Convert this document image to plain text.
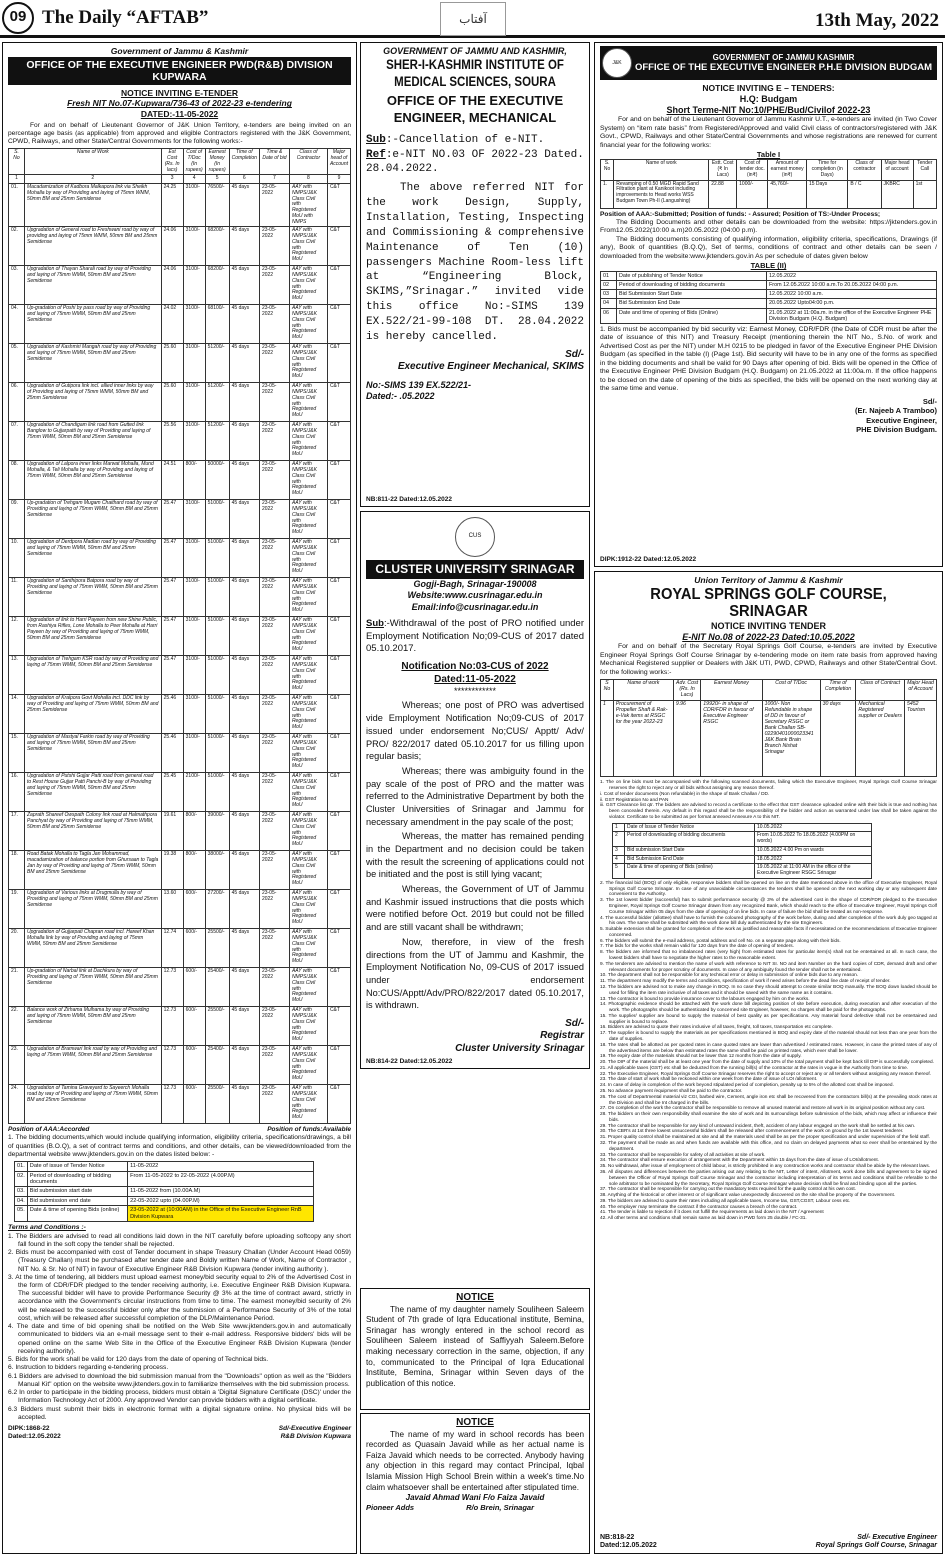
09 The Daily “AFTAB”	آفتاب	13th May, 2022
Government of Jammu & Kashmir
OFFICE OF THE EXECUTIVE ENGINEER PWD(R&B) DIVISION KUPWARA
NOTICE INVITING E-TENDER
Fresh NIT No.07-Kupwara/736-43 of 2022-23 e-tendering
DATED:-11-05-2022
For and on behalf of Lieutenant Governor of J&K Union Territory, e-tenders are being invited on an percentage age basis (as applicable) from approved and eligible Contractors registered with the J&K Government, CPWD, Railways, and other State/Central Governments for the following works:-
S. No	Name of Work	Est Cost (Rs. In lacs)	Cost of T/Doc (In rupees)	Earnest Money (In rupees)	Time of Completion	Time & Date of bid	Class of Contractor	Major head of Account
1	2	3	4	5	6	7	8	9
01.	Macadamization of Kadbora Malkapora link via Sheikh Mohalla by way of Providing and laying of 75mm WMM, 50mm BM and 25mm Semidense	24.25	3100/-	76500/-	45 days	23-05-2022	AAY with NMPS/J&K Class Civil with Registered MoU with NMPS	C&T
02.	Upgradation of General road to Freshwani road by way of providing and laying of 75mm WMM, 50mm BM and 25mm Semidense	24.06	3100/-	68200/-	45 days	23-05-2022	AAY with NMPS/J&K Class Civil with Registered MoU	C&T
03.	Upgradation of Thayan Sharali road by way of Providing and laying of 75mm WMM, 50mm BM and 25mm Semidense	24.06	3100/-	68200/-	45 days	23-05-2022	AAY with NMPS/J&K Class Civil with Registered MoU	C&T
04.	Up-gradation of Poshi by pass road by way of Providing and laying of 75mm WMM, 50mm BM and 25mm Semidense	24.02	3100/-	68100/-	45 days	23-05-2022	AAY with NMPS/J&K Class Civil with Registered MoU	C&T
05.	Upgradation of Kashmiri Mangah road by way of Providing and laying of 75mm WMM, 50mm BM and 25mm Semidense	25.60	3100/-	51200/-	45 days	23-05-2022	AAY with NMPS/J&K Class Civil with Registered MoU	C&T
06.	Upgradation of Gutipora link incl. allied inner links by way of Providing and laying of 75mm WMM, 50mm BM and 25mm Semidense	25.60	3100/-	51200/-	45 days	23-05-2022	AAY with NMPS/J&K Class Civil with Registered MoU	C&T
07.	Upgradation of Chandigam link road from Gutted link Banglow to Gujjarpatti by way of Providing and laying of 75mm WMM, 50mm BM and 25mm Semidense	25.56	3100/-	51200/-	45 days	23-05-2022	AAY with NMPS/J&K Class Civil with Registered MoU	C&T
08.	Upgradation of Lalpora inner links Marwat Mohalla, Mund Mohalla, & Teli Mohalla by way of Providing and laying of 75mm WMM, 50mm BM and 25mm Semidense	24.51	800/-	50000/-	45 days	23-05-2022	AAY with NMPS/J&K Class Civil with Registered MoU	C&T
09.	Up-gradation of Trehgam Mugam Chaithard road by way of Providing and laying of 75mm WMM, 50mm BM and 25mm Semidense	25.47	3100/-	51000/-	45 days	23-05-2022	AAY with NMPS/J&K Class Civil with Registered MoU	C&T
10.	Upgradation of Derdpora Madian road by way of Providing and laying of 75mm WMM, 50mm BM and 25mm Semidense	25.47	3100/-	51000/-	45 days	23-05-2022	AAY with NMPS/J&K Class Civil with Registered MoU	C&T
11.	Upgradation of Santhipora Batpora road by way of Providing and laying of 75mm WMM, 50mm BM and 25mm Semidense	25.47	3100/-	51000/-	45 days	23-05-2022	AAY with NMPS/J&K Class Civil with Registered MoU	C&T
12.	Upgradation of link to Harri Payeen from new Shine Public, from Rashiya Rifles, Lone Mohalla to Peer Mohalla at Harri Payeen by way of Providing and laying of 75mm WMM, 50mm BM and 25mm Semidense	25.47	3100/-	51000/-	45 days	23-05-2022	AAY with NMPS/J&K Class Civil with Registered MoU	C&T
13.	Upgradation of Trehgam KSR road by way of Providing and laying of 75mm WMM, 50mm BM and 25mm Semidense	25.47	3100/-	51000/-	45 days	23-05-2022	AAY with NMPS/J&K Class Civil with Registered MoU	C&T
14.	Upgradation of Kralpora Govt Mohalla incl. DDC link by way of Providing and laying of 75mm WMM, 50mm BM and 25mm Semidense	25.46	3100/-	51000/-	45 days	23-05-2022	AAY with NMPS/J&K Class Civil with Registered MoU	C&T
15.	Upgradation of Mastyal Farkin road by way of Providing and laying of 75mm WMM, 50mm BM and 25mm Semidense	25.46	3100/-	51000/-	45 days	23-05-2022	AAY with NMPS/J&K Class Civil with Registered MoU	C&T
16.	Upgradation of Putshi Gujjar Patti road from general road to Rest House Gujjar Patti Panchi-B by way of Providing and laying of 75mm WMM, 50mm BM and 25mm Semidense	25.45	2100/-	51000/-	45 days	23-05-2022	AAY with NMPS/J&K Class Civil with Registered MoU	C&T
17.	Zaprath Shareef Owspath Colony link road at Halmathpora Panchyat by way of Providing and laying of 75mm WMM, 50mm BM and 25mm Semidense	19.61	800/-	39000/-	45 days	23-05-2022	AAY with NMPS/J&K Class Civil with Registered MoU	C&T
18.	Road Batak Mohalla to Tagla Jan Mohammad, macadamization of balance portion from Ghursaan to Tagla Jan by way of Providing and laying of 75mm WMM, 50mm BM and 25mm Semidense	19.38	800/-	38000/-	45 days	23-05-2022	AAY with NMPS/J&K Class Civil with Registered MoU	C&T
19.	Upgradation of Various links at Drugmulla by way of Providing and laying of 75mm WMM, 50mm BM and 25mm Semidense	13.60	600/-	27200/-	45 days	23-05-2022	AAY with NMPS/J&K Class Civil with Registered MoU	C&T
20.	Upgradation of Gujjarpati Chapran road incl. Hareef Khan Mohalla link by way of Providing and laying of 75mm WMM, 50mm BM and 25mm Semidense	12.74	600/-	25500/-	45 days	23-05-2022	AAY with NMPS/J&K Class Civil with Registered MoU	C&T
21.	Up-gradation of Narbal link at Dachkura by way of Providing and laying of 75mm WMM, 50mm BM and 25mm Semidense	12.73	600/-	25400/-	45 days	23-05-2022	AAY with NMPS/J&K Class Civil with Registered MoU	C&T
22.	Balance work of Zirhama Mulhama by way of Providing and laying of 75mm WMM, 50mm BM and 25mm Semidense	12.73	600/-	25500/-	45 days	23-05-2022	AAY with NMPS/J&K Class Civil with Registered MoU	C&T
23.	Upgradation of Bramwari link road by way of Providing and laying of 75mm WMM, 50mm BM and 25mm Semidense	12.73	600/-	25400/-	45 days	23-05-2022	AAY with NMPS/J&K Class Civil with Registered MoU	C&T
24.	Upgradation of Tamina Graveyard to Sayeerch Mohalla road by way of Providing and laying of 75mm WMM, 50mm BM and 25mm Semidense	12.73	600/-	25500/-	45 days	23-05-2022	AAY with NMPS/J&K Class Civil with Registered MoU	C&T
Position of AAA:Accorded	Position of funds:Available
1. The bidding documents,which would include qualifying information, eligibility criteria, specifications/drawings, a bill of quantities (B.O.Q), a set of contract terms and conditions, and other details, can be viewed/downloaded from the departmental website www.jktenders.gov.in on the dates listed below: -
01.	Date of issue of Tender Notice	11-05-2022
02.	Period of downloading of bidding documents	From 11-05-2022 to 22-05-2022 (4.00P.M)
03.	Bid submission start date	11-05-2022 from (10.00A.M)
04.	Bid submission end date	22-05-2022 upto (04.00P.M)
05.	Date & time of opening Bids (online)	23-05-2022 at (10:00AM) in the Office of the Executive Engineer RnB Division Kupwara
Terms and Conditions :-
1. The Bidders are advised to read all conditions laid down in the NIT carefully before uploading softcopy any short fall found in the soft copy the tender shall be rejected.
2. Bids must be accompanied with cost of Tender document in shape Treasury Challan (Under Account Head 0059) (Treasury Challan) must be purchased after tender date and Boldly written Name of Work, Name of Contractor , NIT No. & Sr. No of NIT) in favour of Executive Engineer R&B Division Kupwara (tender inviting authority ).
3. At the time of tendering, all bidders must upload earnest money/bid security equal to 2% of the Advertised Cost in the form of CDR/FDR pledged to the tender receiving authority, i.e. Executive Engineer R&B Division Kupwara. The successful bidder will have to provide Performance Security @ 3% at the time of contract award, strictly in accordance with the Government's circular instructions from time to time. The earnest money/bid security of 2% will be released to the successful bidder only after the submission of a Performance Security of 3% of the total cost, which will be released after successful completion of the DLP/Maintenance Period.
4. The date and time of bid opening shall be notified on the Web Site www.jktenders.gov.in and automatically communicated to bidders via an e-mail message sent to their e-mail address. Responsive bidders' bids will be opened online on the same Web Site in the Office of the Executive Engineer R&B Division Kupwara (tender receiving authority).
5. Bids for the work shall be valid for 120 days from the date of opening of Technical bids.
6. Instruction to bidders regarding e-tendering process.
6.1 Bidders are advised to download the bid submission manual from the "Downloads" option as well as the "Bidders Manual Kit" option on the website www.jktenders.gov.in to familiarize themselves with the bid submission process.
6.2 In order to participate in the bidding process, bidders must obtain a 'Digital Signature Certificate (DSC)' under the Information Technology Act of 2000. Any approved Vendor can provide bidders with a digital certificate.
6.3 Bidders must submit their bids in electronic format with a digital signature online. No physical bids will be accepted.
DIPK:1868-22
Dated:12.05.2022
Sd/-Executive Engineer
R&B Division Kupwara
GOVERNMENT OF JAMMU AND KASHMIR,
SHER-I-KASHMIR INSTITUTE OF MEDICAL SCIENCES, SOURA
OFFICE OF THE EXECUTIVE ENGINEER, MECHANICAL
Sub:-Cancellation of e-NIT.
Ref:e-NIT NO.03 OF 2022-23 Dated. 28.04.2022.
The above referred NIT for the work Design, Supply, Installation, Testing, Inspecting and Commissioning & comprehensive Maintenance of Ten (10) passengers Machine Room-less lift at “Engineering Block, SKIMS,”Srinagar.” invited vide this office No:-SIMS 139 EX.522/21-99-108 DT. 28.04.2022 is hereby cancelled.
Sd/-
Executive Engineer Mechanical, SKIMS
No:-SIMS 139 EX.522/21-
Dated:- .05.2022
NB:811-22 Dated:12.05.2022
CUS
CLUSTER UNIVERSITY SRINAGAR
Gogji-Bagh, Srinagar-190008
Website:www.cusrinagar.edu.in
Email:info@cusrinagar.edu.in
Sub:-Withdrawal of the post of PRO notified under Employment Notification No;09-CUS of 2017 dated 05.10.2017.
Notification No:03-CUS of 2022
Dated:11-05-2022
************
Whereas; one post of PRO was advertised vide Employment Notification No;09-CUS of 2017 issued under endorsement No;CUS/ Apptt/ Adv/ PRO/ 822/2017 dated 05.10.2017 for us filling upon regular basis;
Whereas; there was ambiguity found in the pay scale of the post of PRO and the matter was referred to the Administrative Department by both the Cluster Universities of Srinagar and Jammu for necessary amendment in the pay scale of the post;
Whereas, the matter has remained pending in the Department and no decision could be taken with the result the screening of applications could not be initiated and the post is still lying vacant;
Whereas, the Government of UT of Jammu and Kashmir issued instructions that die posts which were notified before Oct. 2019 but could not be filled and are still vacant shall be withdrawn;
Now, therefore, in view of the fresh directions from the UT of Jammu and Kashmir, the Employment Notification No, 09-CUS of 2017 issued under endorsement No:CUS/Apptt/Adv/PRO/822/2017 dated 05.10.2017, is withdrawn.
Sd/-
Registrar
Cluster University Srinagar
NB:814-22 Dated:12.05.2022
NOTICE
The name of my daughter namely Souliheen Saleem Student of 7th grade of Iqra Educational institute, Bemina, Srinagar has wrongly entered in the school record as Souliheen Saleem instead of Saffiyyah Saleem.Before making necessary correction in the same, objection, if any to, communicated to the Principal of Iqra Educational Institute, Bemina, Srinagar within Seven days of the publication of this notice.
NOTICE
The name of my ward in school records has been recorded as Quasain Javaid while as her actual name is Faiza Javaid which needs to be corrected. Anybody having any objection in this regard may contact Principal, Iqbal Islamia Mission High School Brein within a week's time.No claim whatsoever shall be entertained after stipulated time.
Javaid Ahmad Wani F/o Faiza Javaid
Pioneer Adds	R/o Brein, Srinagar
J&K
GOVERNMENT OF JAMMU KASHMIR
OFFICE OF THE EXECUTIVE ENGINEER P.H.E DIVISION BUDGAM
NOTICE INVITING E – TENDERS:
H.Q: Budgam
Short Terme-NIT No:10/PHE/Bud/Civilof 2022-23
For and on behalf of the Lieutenant Governor of Jammu Kashmir U.T., e-tenders are invited (in Two Cover System) on “item rate basis” from Registered/Approved and valid Civil class of contractors/registered with J&K Govt., CPWD, Railways and other State/Central Governments and whose registrations are renewed for current financial year for the following works:
Table I
S. No	Name of work	Estt. Cost (₹ In Lacs)	Cost of tender doc. (in₹)	Amount of earnest money (in₹)	Time for completion (in Days)	Class of contractor	Major head of account	Tender Call
1.	Revamping of 0.50 MGD Rapid Sand Filtration plant at Kanikoot including improvements to Head works WSS Budgam Town Ph-II (Langushing)	22.88	1000/-	45,760/-	15 Days	B / C	JKBRC	1st
Position of AAA:-Submitted; Position of funds: - Assured; Position of TS:-Under Process;
The Bidding Documents and other details can be downloaded from the website: https://jktenders.gov.in From12.05.2022(10:00 a.m)20.05.2022 (04:00 p.m).
The Bidding documents consisting of qualifying information, eligibility criteria, specifications, Drawings (if any), Book of quantities (B.Q.Q), Set of terms, conditions of contract and other details can be seen / downloaded from the website:www.jktenders.gov.in As per schedule of dates given below
TABLE (II)
01	Date of publishing of Tender Notice	12.05.2022
02	Period of downloading of bidding documents	From 12.05.2022 10:00 a.m.To 20.05.2022 04:00 p.m.
03	Bid Submission Start Date	12.05.2022 10:00 a.m.
04	Bid Submission End Date	20.05.2022 Upto04:00 p.m.
06	Date and time of opening of Bids (Online)	21.05.2022 at 11:00a.m. in the office of the Executive Engineer PHE Division Budgam (H.Q. Budgam)
1. Bids must be accompanied by bid security viz: Earnest Money, CDR/FDR (the Date of CDR must be after the date of issuance of this NIT) and Treasury Receipt (mentioning therein the NIT No., S.No. of work and Advertised Cost as per the NIT) under M.H 0215 to be pledged in favor of the Executive Engineer PHE Division Budgam (as specified in the table (I) (Page 1st). Bid security will have to be in any one of the forms as specified in the bidding documents and shall be valid for 90 Days after opening of bid. Bids will be opened in the Office of the Executive Engineer PHE Division Budgam (H.Q. Budgam) on 21.05.2022 at 11:00a.m. If the office happens to be closed on the date of opening of the bids as specified, the bids will be opened on the next working day at the same time and venue.
Sd/-
(Er. Najeeb A Tramboo)
Executive Engineer,
PHE Division Budgam.
DIPK:1912-22 Dated:12.05.2022
Union Territory of Jammu & Kashmir
ROYAL SPRINGS GOLF COURSE, SRINAGAR
NOTICE INVITING TENDER
E-NIT No.08 of 2022-23 Dated:10.05.2022
For and on behalf of the Secretary Royal Springs Golf Course, e-tenders are invited by Executive Engineer Royal Springs Golf Course Srinagar by e-tendering mode on item rate basis from approved having Mechanical Registered supplier or Dealers with J&K UTI, PWD, CPWD, Railways and other State/Central Govt. for the following works:-
S No	Name of work	Adv. Cost (Rs. In Lacs)	Earnest Money	Cost of T/Doc	Time of Completion	Class of Contract	Major Head of Account
1	Procurement of Propeller Shaft & Rak-e-Vak items at RSGC for the year 2022-23	9.96	19920/- in shape of CDR/FDR in favour of Executive Engineer RSGC	1000/- Non Refundable in shape of DD in favour of Secretary RSGC or Bank Challan SB-02290401000023341 J&K Bank Brain Branch Nishat Srinagar	30 days	Mechanical Registered supplier or Dealers	5452 Tourism
1. The on line bids must be accompanied with the following scanned documents, failing which the Executive Engineer, Royal Springs Golf Course Srinagar reserves the right to reject any or all bids without assigning any reason thereof.
i. Cost of tender documents (Non refundable) in the shape of Bank Challan / DD.
ii. GST Registration No and PAN
iii. GST Clearance list qtr. The bidders are advised to record a certificate to the effect that GST clearance uploaded online with their bids is true and nothing has been concealed therein. Any default in this regard shall be the responsibility of the bidder and action as warranted under law shall be taken against the violator. Certificate to be submitted as per format annexed Annexure A to this NIT.
1	Date of Issue of Tender Notice	10.05.2022
2	Period of downloading of bidding documents	From 10.05.2022 To 18.05.2022 (4.00PM on words)
3	Bid submission Start Date	10.05.2022 4.00 Pm on wards
4	Bid Submission End Date	18.05.2022
5	Date & time of opening of Bids (online)	19.05.2022 at 11:00 AM in the office of the Executive Engineer RSGC Srinagar
2. The financial bid (BOQ) of only eligible, responsive bidders shall be opened on line on the date mentioned above in the office of Executive Engineer, Royal Springs Golf Course Srinagar. In case of any unavoidable circumstances the tenders shall be opened on the next working day or any subsequent date convenient to the Authority.
3. The 1st lowest bidder (successful) has to submit performance security @ 3% of the advertised cost in the shape of CDR/FDR pledged to the Executive Engineer, Royal Springs Golf Course Srinagar drawn from any recognized Bank, which should reach to the office of Executive Engineer, Royal Springs Golf Course Srinagar within 05 days from the date of opening of on line bids. In case of failure the bid shall be treated as non-response.
4. The successful bidder (allottee) shall have to furnish the coloured photography of the work before, during and after completion of the work duly geo tagged at his own. The same shall be submitted with the work done bill duly authenticated by the site Engineers.
5. Suitable extension shall be granted for completion of the work as justified and reasonable facts if necessitated on the recommendations of Executive Engineer concerned.
6. The bidders will submit the e-mail address, postal address and cell No. on a separate page along with their bids.
7. The bids for the works shall remain valid for 120 days from the date of opening of tenders.
8. The bidders are informed that no imbalanced rates (very high) from estimated rates for particular item(s) shall not be entertained at all. In such case, the lowest bidders shall have to negotiate the higher rates to the reasonable extent.
9. The tenderers are advised to mention the name of work with reference to NIT SI. NO and item Number on the hard copies of CDR, demand draft and other relevant documents for proper scrutiny of documents. In case of any ambiguity found the tender shall not be entertained.
10. The department shall not be responsible for any technical error or delay in submission of online bids due to any reason.
11. The department may modify the terms and conditions, specification of work if need arises before the dead line date of receipt of tender.
12. The bidders are advised not to make any change in BOQ. In no case they should attempt to create similar BOQ manually. The BOQ down loaded should be used for filling the item rate inclusive of all taxes and it should be saved with the same name as it contains.
13. The contractor is bound to provide insurance cover to the labours engaged by him on the works.
14. Photographic evidence should be attached with the work done bill depicting position of site before execution, during execution and after execution of the work. The photographs should be authenticated by concerned site Engineer, however, no charges shall be paid for the photographs.
15. The supplier/ supplier are bound to supply the material of best quality as per specifications. Any material found defective shall not be entertained and supplier is bound to replace.
16. Bidders are advised to quote their rates inclusive of all taxes, freight, toll taxes, transportation etc complete.
17. The supplier is bound to supply the materials as per specifications mentioned in BOQ and expiry date of the material should not less than one year from the date of supplies.
18. The rates shall be allotted as per quoted rates in case quoted rates are lower than advertised / estimated rates. However, in case the printed rates of any of the advertised items are below than estimated rates the same shall be paid on printed rates, which ever shall be lower.
19. The expiry date of the materials should not be lower than 12 months from the date of supply.
20. The DIP of the material shall be at least one year from the date of supply and 10% of the total payment shall be kept back till DIP is successfully completed.
21. All applicable taxes (GST) etc shall be deducted from the running bill(s) of the contractor at the rates in vogue in the Authority from time to time.
22. The Executive Engineer, Royal Springs Golf Course Srinagar reserves the right to accept or reject any or all tenders without assigning any reason thereof.
23. The date of start of work shall be reckoned within one week from the date of issue of LOI /allotment.
24. In case of delay in completion of the work beyond stipulated period of completion, penalty up to 5% of the allotted cost shall be imposed.
25. No advance payment /equipment shall be paid to the contractor.
26. The cost of Departmental material viz CGI, barbed wire, Cement, angle iron etc shall be recovered from the contractors bill(s) at the prevailing stock rates at the Division and shall be Int charged in the bills.
27. On completion of the work the contractor shall be responsible to remove all unused material and restore all work in its original position without any cost.
28. The bidders on their own responsibility shall examine the site of work and its surroundings before submission of the bids, which may affect or influence their bids.
29. The contractor shall be responsible for any kind of untoward incident, theft, accident of any labour engaged on the work shall be settled at his own.
30. The CBR's at 1st three lowest unsuccessful bidders shall be released after commencement of the work on ground by the 1st lowest tenderer.
31. Proper quality control shall be maintained at site and all the materials used shall be as per the proper specification and under supervision of the field staff.
32. The payment shall be made as and when funds are available with this office, and no claim on delayed payments what so ever shall be entertained by the department.
33. The contractor shall be responsible for safety of all activities at site of work.
34. The contractor shall ensure execution of arrangement with the Department within 15 days from the date of issue of LOI/allotment.
35. No withdrawal, after issue of employment of child labour, is strictly prohibited in any construction works and contractor shall be abide by the relevant laws.
36. All disputes and differences between the parties arising out any relating to the NIT, Letter of intent, Allotment, work done bills and agreement to be signed between the Officer of Royal Springs Golf Course Srinagar and the contractor including interpretation of its terms and conditions shall be referable to the sole arbitrator to be nominated by the Secretary, Royal Springs Golf Course Srinagar whose decision shall be final and binding upon all the parties.
37. The contractor shall be responsible for carrying out the mandatory tests required for the quality control at his own cost.
38. Anything of the historical or other interest or of significant value unexpectedly discovered on the site shall be property of the Government.
39. The bidders are advised to quote their rates including all applicable taxes, Income tax, GST,CGST, Labour cess etc.
40. The employer may terminate the contract if the contractor causes a breach of the contract.
41. The tender is liable to rejection if it does not fulfill the requirements as laid down in the NIT / Agreement
42. All other terms and conditions shall remain same as laid down in PWD form 25 double / FC-31.
NB:818-22
Dated:12.05.2022
Sd/- Executive Engineer
Royal Springs Golf Course, Srinagar
